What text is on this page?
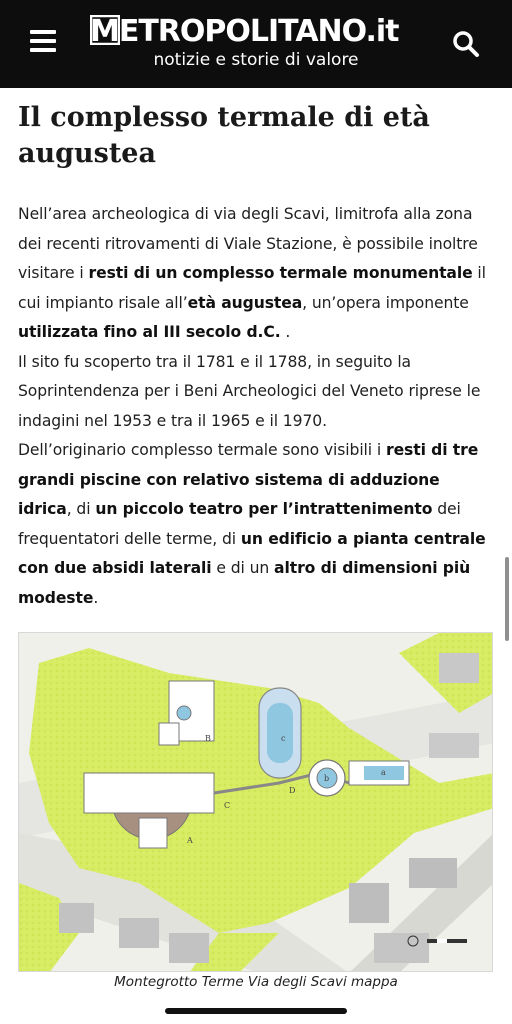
METROPOLITANO.it
notizie e storie di valore
Il complesso termale di età augustea
Nell’area archeologica di via degli Scavi, limitrofa alla zona dei recenti ritrovamenti di Viale Stazione, è possibile inoltre visitare i resti di un complesso termale monumentale il cui impianto risale all’età augustea, un’opera imponente utilizzata fino al III secolo d.C. .
Il sito fu scoperto tra il 1781 e il 1788, in seguito la Soprintendenza per i Beni Archeologici del Veneto riprese le indagini nel 1953 e tra il 1965 e il 1970.
Dell’originario complesso termale sono visibili i resti di tre grandi piscine con relativo sistema di adduzione idrica, di un piccolo teatro per l’intrattenimento dei frequentatori delle terme, di un edificio a pianta centrale con due absidi laterali e di un altro di dimensioni più modeste.
B
A
C
D
c
b
a
Montegrotto Terme Via degli Scavi mappa
